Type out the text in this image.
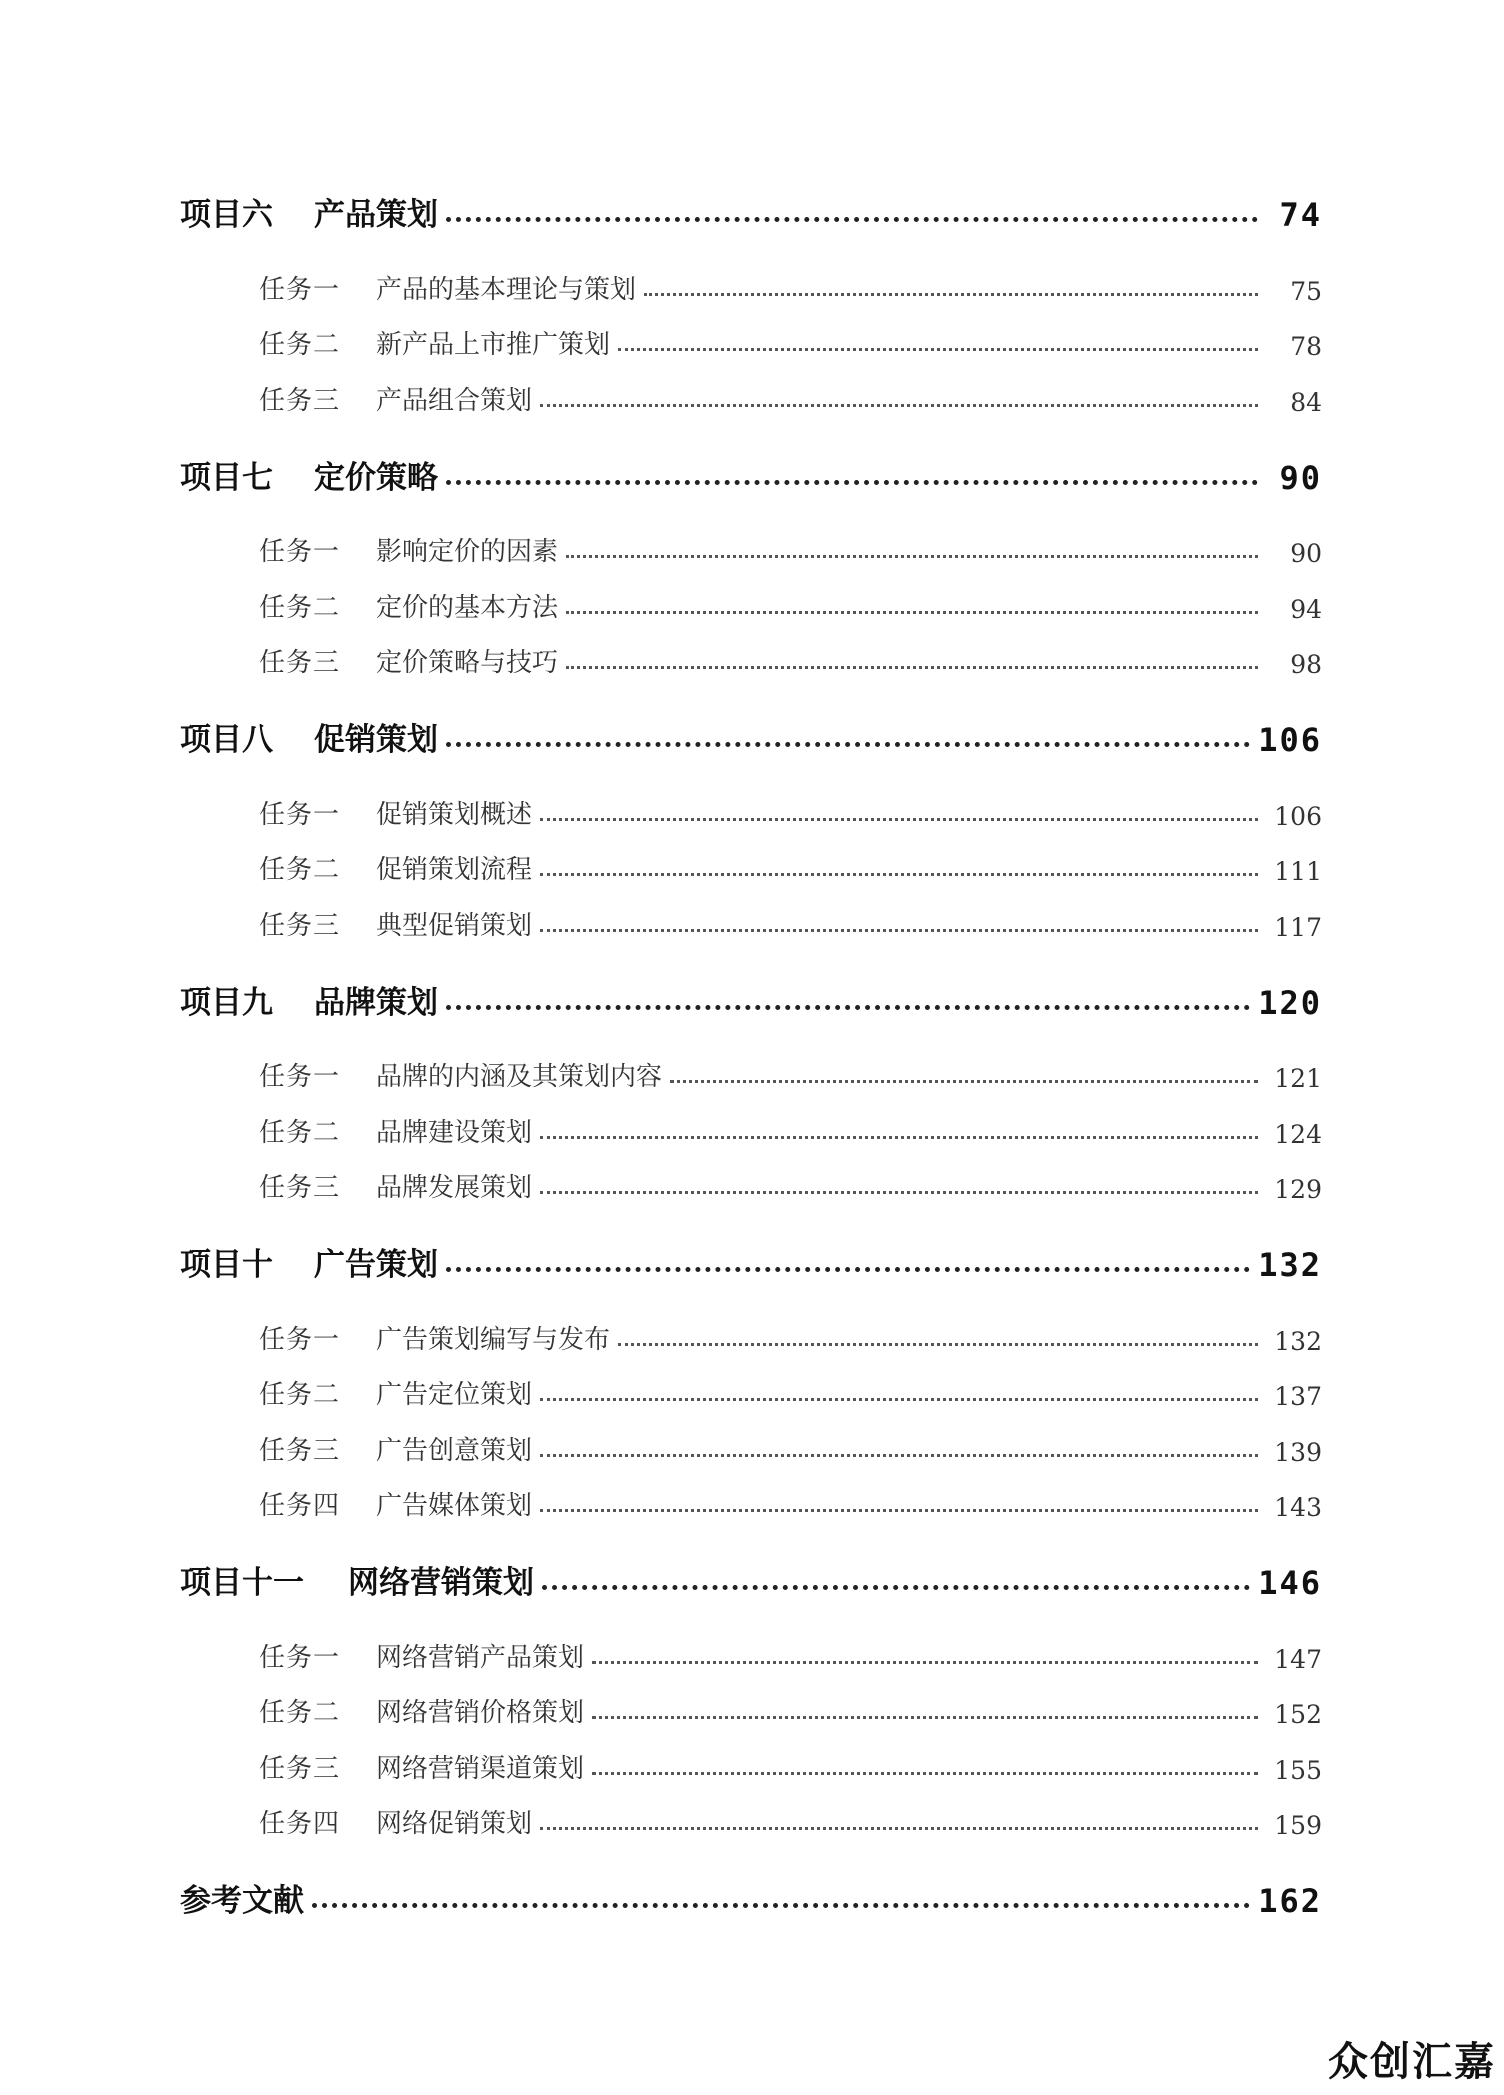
项目六	产品策划	74
任务一	产品的基本理论与策划	75
任务二	新产品上市推广策划	78
任务三	产品组合策划	84
项目七	定价策略	90
任务一	影响定价的因素	90
任务二	定价的基本方法	94
任务三	定价策略与技巧	98
项目八	促销策划	106
任务一	促销策划概述	106
任务二	促销策划流程	111
任务三	典型促销策划	117
项目九	品牌策划	120
任务一	品牌的内涵及其策划内容	121
任务二	品牌建设策划	124
任务三	品牌发展策划	129
项目十	广告策划	132
任务一	广告策划编写与发布	132
任务二	广告定位策划	137
任务三	广告创意策划	139
任务四	广告媒体策划	143
项目十一	网络营销策划	146
任务一	网络营销产品策划	147
任务二	网络营销价格策划	152
任务三	网络营销渠道策划	155
任务四	网络促销策划	159
参考文献	162
众创汇嘉
